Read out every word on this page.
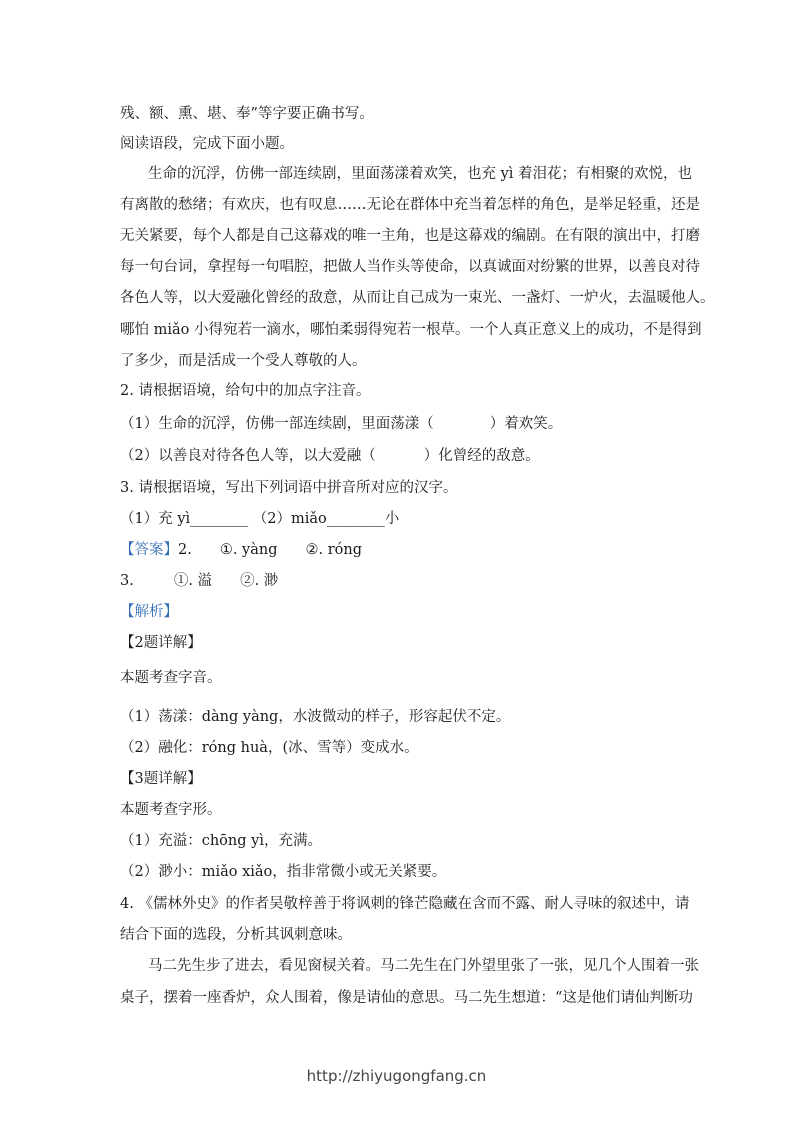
残、额、熏、堪、奉”等字要正确书写。
阅读语段，完成下面小题。
生命的沉浮，仿佛一部连续剧，里面荡漾着欢笑，也充 yì 着泪花；有相聚的欢悦，也
有离散的愁绪；有欢庆，也有叹息……无论在群体中充当着怎样的角色，是举足轻重，还是
无关紧要，每个人都是自己这幕戏的唯一主角，也是这幕戏的编剧。在有限的演出中，打磨
每一句台词，拿捏每一句唱腔，把做人当作头等使命，以真诚面对纷繁的世界，以善良对待
各色人等，以大爱融化曾经的敌意，从而让自己成为一束光、一盏灯、一炉火，去温暖他人。
哪怕 miǎo 小得宛若一滴水，哪怕柔弱得宛若一根草。一个人真正意义上的成功，不是得到
了多少，而是活成一个受人尊敬的人。
2. 请根据语境，给句中的加点字注音。
（1）生命的沉浮，仿佛一部连续剧，里面荡漾（	）着欢笑。
（2）以善良对待各色人等，以大爱融（	）化曾经的敌意。
3. 请根据语境，写出下列词语中拼音所对应的汉字。
（1）充 yì________ （2）miǎo________小
【答案】2. ①. yàng ②. róng
3.	①. 溢 ②. 渺
【解析】
【2题详解】
本题考查字音。
（1）荡漾：dàng yàng，水波微动的样子，形容起伏不定。
（2）融化：róng huà，(冰、雪等）变成水。
【3题详解】
本题考查字形。
（1）充溢：chōng yì，充满。
（2）渺小：miǎo xiǎo，指非常微小或无关紧要。
4. 《儒林外史》的作者吴敬梓善于将讽刺的锋芒隐藏在含而不露、耐人寻味的叙述中，请
结合下面的选段，分析其讽刺意味。
马二先生步了进去，看见窗棂关着。马二先生在门外望里张了一张，见几个人围着一张
桌子，摆着一座香炉，众人围着，像是请仙的意思。马二先生想道：“这是他们请仙判断功
http://zhiyugongfang.cn
